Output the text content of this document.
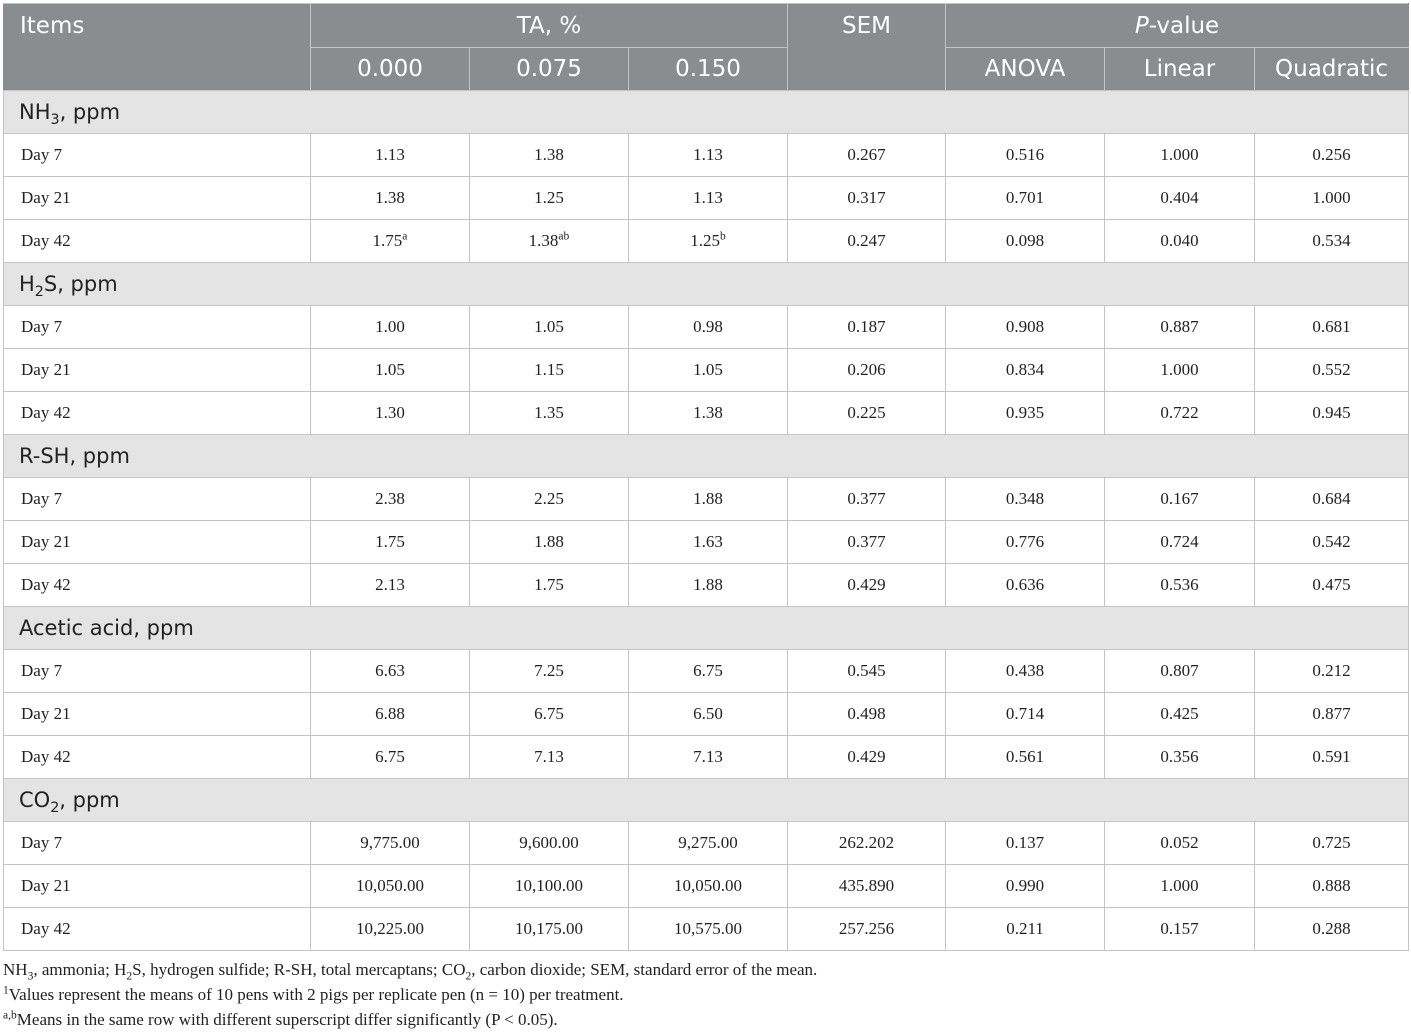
Items	TA, %			SEM	P-value		
	0.000	0.075	0.150		ANOVA	Linear	Quadratic
$NH_3$, ppm							
Day 7	1.13	1.38	1.13	0.267	0.516	1.000	0.256
Day 21	1.38	1.25	1.13	0.317	0.701	0.404	1.000
Day 42	1.75$^a$	1.38$^{ab}$	1.25$^b$	0.247	0.098	0.040	0.534
$H_2S$, ppm							
Day 7	1.00	1.05	0.98	0.187	0.908	0.887	0.681
Day 21	1.05	1.15	1.05	0.206	0.834	1.000	0.552
Day 42	1.30	1.35	1.38	0.225	0.935	0.722	0.945
R-SH, ppm							
Day 7	2.38	2.25	1.88	0.377	0.348	0.167	0.684
Day 21	1.75	1.88	1.63	0.377	0.776	0.724	0.542
Day 42	2.13	1.75	1.88	0.429	0.636	0.536	0.475
Acetic acid, ppm							
Day 7	6.63	7.25	6.75	0.545	0.438	0.807	0.212
Day 21	6.88	6.75	6.50	0.498	0.714	0.425	0.877
Day 42	6.75	7.13	7.13	0.429	0.561	0.356	0.591
$CO_2$, ppm							
Day 7	9,775.00	9,600.00	9,275.00	262.202	0.137	0.052	0.725
Day 21	10,050.00	10,100.00	10,050.00	435.890	0.990	1.000	0.888
Day 42	10,225.00	10,175.00	10,575.00	257.256	0.211	0.157	0.288
$NH_3$, ammonia; $H_2S$, hydrogen sulfide; R-SH, total mercaptans; $CO_2$, carbon dioxide; SEM, standard error of the mean.
$^1$Values represent the means of 10 pens with 2 pigs per replicate pen (n = 10) per treatment.
$^{a,b}$Means in the same row with different superscript differ significantly (P < 0.05).
